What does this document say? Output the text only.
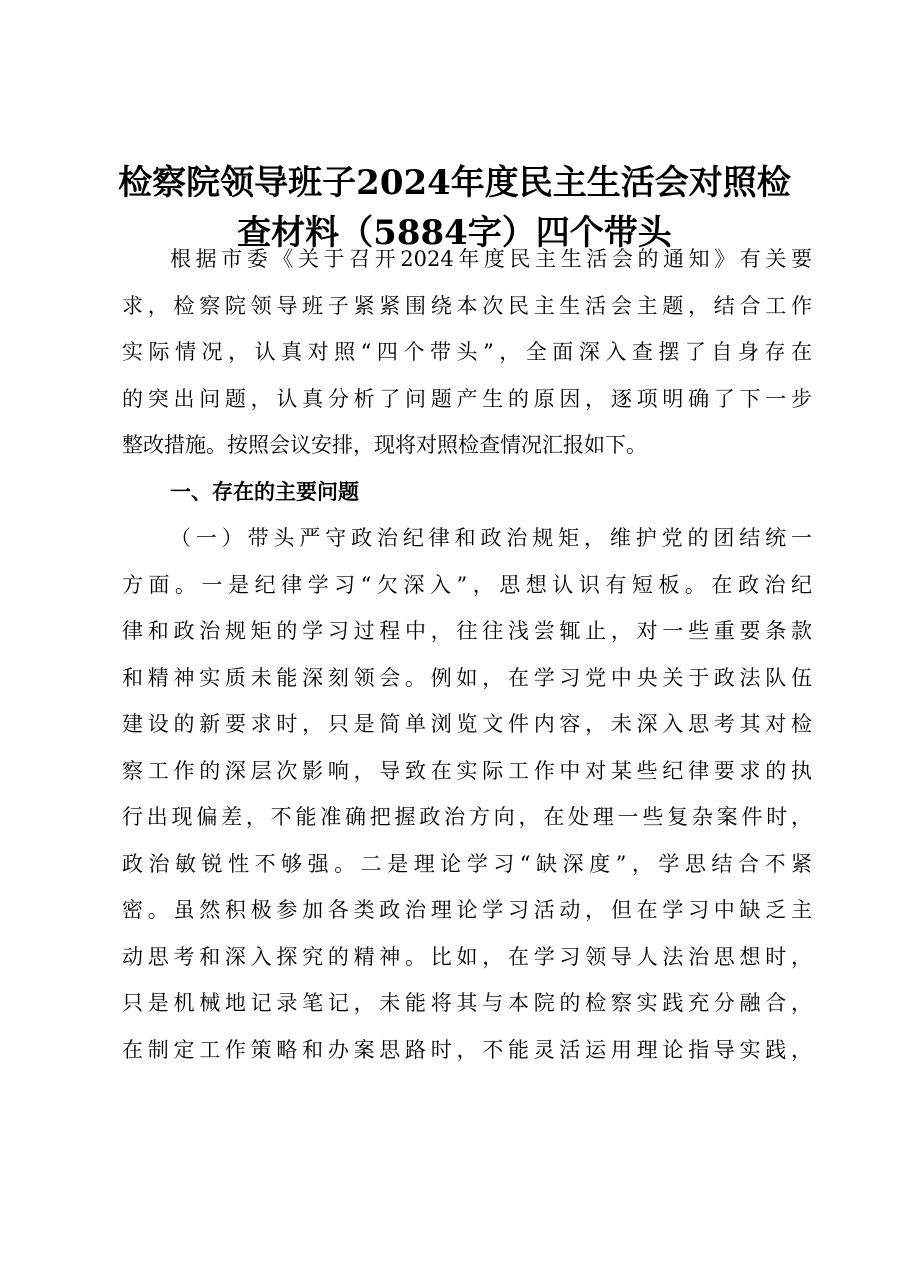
检察院领导班子2024年度民主生活会对照检
查材料（5884字）四个带头
根据市委《关于召开2024年度民主生活会的通知》有关要
求，检察院领导班子紧紧围绕本次民主生活会主题，结合工作
实际情况，认真对照“四个带头”，全面深入查摆了自身存在
的突出问题，认真分析了问题产生的原因，逐项明确了下一步
整改措施。按照会议安排，现将对照检查情况汇报如下。
一、存在的主要问题
（一）带头严守政治纪律和政治规矩，维护党的团结统一
方面。一是纪律学习“欠深入”，思想认识有短板。在政治纪
律和政治规矩的学习过程中，往往浅尝辄止，对一些重要条款
和精神实质未能深刻领会。例如，在学习党中央关于政法队伍
建设的新要求时，只是简单浏览文件内容，未深入思考其对检
察工作的深层次影响，导致在实际工作中对某些纪律要求的执
行出现偏差，不能准确把握政治方向，在处理一些复杂案件时，
政治敏锐性不够强。二是理论学习“缺深度”，学思结合不紧
密。虽然积极参加各类政治理论学习活动，但在学习中缺乏主
动思考和深入探究的精神。比如，在学习领导人法治思想时，
只是机械地记录笔记，未能将其与本院的检察实践充分融合，
在制定工作策略和办案思路时，不能灵活运用理论指导实践，
